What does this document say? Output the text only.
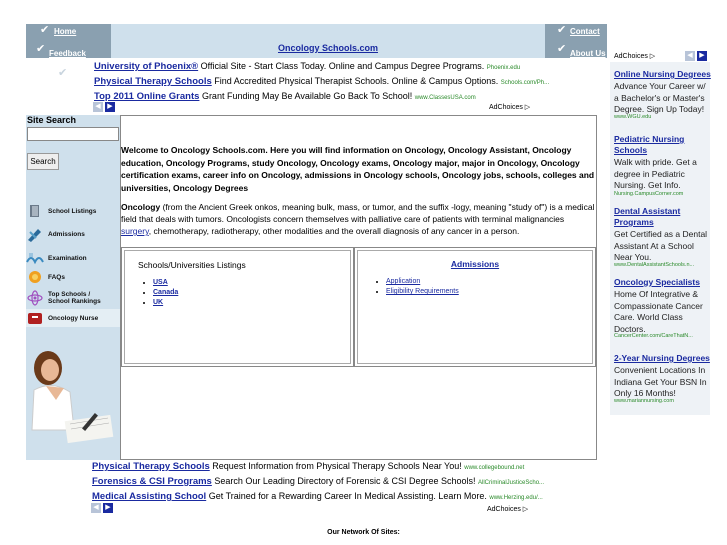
✔ Home
✔ Feedback
$_{Oncology Schools.com}$
✔ Contact
✔ About Us
✔
University of Phoenix® Official Site - Start Class Today. Online and Campus Degree Programs. Phoenix.edu
Physical Therapy Schools Find Accredited Physical Therapist Schools. Online & Campus Options. Schools.com/Ph...
Top 2011 Online Grants Grant Funding May Be Available Go Back To School! www.ClassesUSA.com
◀ ▶	AdChoices ▷
AdChoices ▷	◀ ▶
Online Nursing Degrees
Advance Your Career w/ a Bachelor's or Master's Degree. Sign Up Today!
www.WGU.edu
Pediatric Nursing Schools
Walk with pride. Get a degree in Pediatric Nursing. Get Info.
Nursing.CampusCorner.com
Dental Assistant Programs
Get Certified as a Dental Assistant At a School Near You.
www.DentalAssistantSchools.n...
Oncology Specialists
Home Of Integrative & Compassionate Cancer Care. World Class Doctors.
CancerCenter.com/CareThatN...
2-Year Nursing Degrees
Convenient Locations In Indiana Get Your BSN In Only 16 Months!
www.mariannursing.com
Site Search
Search
School Listings
Admissions
Examination
FAQs
Top Schools / School Rankings
Oncology Nurse

Welcome to Oncology Schools.com. Here you will find information on Oncology, Oncology Assistant, Oncology education, Oncology Programs, study Oncology, Oncology exams, Oncology major, major in Oncology, Oncology certification exams, career info on Oncology, admissions in Oncology schools, Oncology jobs, schools, colleges and universities, Oncology Degrees

Oncology (from the Ancient Greek onkos, meaning bulk, mass, or tumor, and the suffix -logy, meaning "study of") is a medical field that deals with tumors. Oncologists concern themselves with palliative care of patients with terminal malignancies surgery, chemotherapy, radiotherapy, other modalities and the overall diagnosis of any cancer in a person.

Schools/Universities Listings
• USA
• Canada
• UK
Admissions
• Application
• Eligibility Requirements
Physical Therapy Schools Request Information from Physical Therapy Schools Near You! www.collegebound.net
Forensics & CSI Programs Search Our Leading Directory of Forensic & CSI Degree Schools! AllCriminalJusticeScho...
Medical Assisting School Get Trained for a Rewarding Career In Medical Assisting. Learn More. www.Herzing.edu/...
◀ ▶	AdChoices ▷
Our Network Of Sites:
